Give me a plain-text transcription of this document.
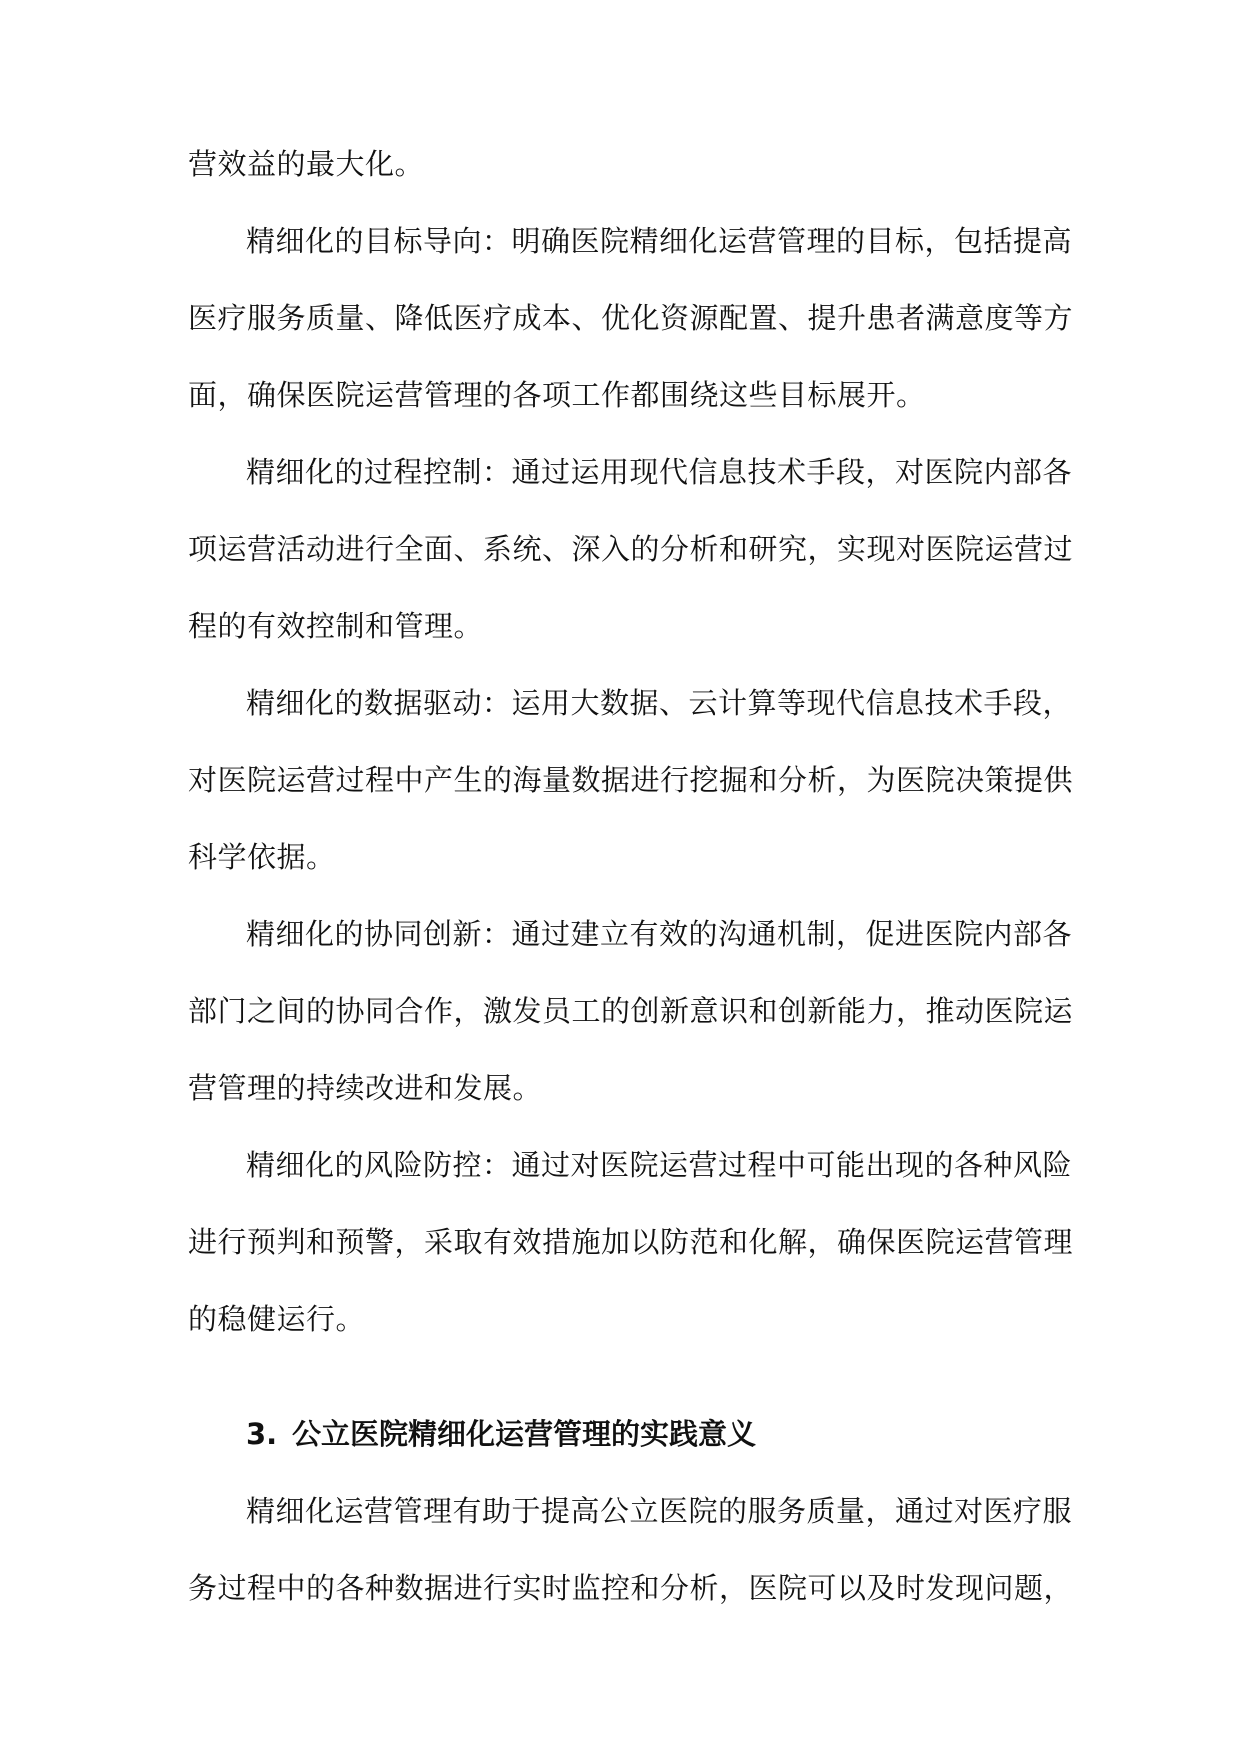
营效益的最大化。
精细化的目标导向：明确医院精细化运营管理的目标，包括提高
医疗服务质量、降低医疗成本、优化资源配置、提升患者满意度等方
面，确保医院运营管理的各项工作都围绕这些目标展开。
精细化的过程控制：通过运用现代信息技术手段，对医院内部各
项运营活动进行全面、系统、深入的分析和研究，实现对医院运营过
程的有效控制和管理。
精细化的数据驱动：运用大数据、云计算等现代信息技术手段，
对医院运营过程中产生的海量数据进行挖掘和分析，为医院决策提供
科学依据。
精细化的协同创新：通过建立有效的沟通机制，促进医院内部各
部门之间的协同合作，激发员工的创新意识和创新能力，推动医院运
营管理的持续改进和发展。
精细化的风险防控：通过对医院运营过程中可能出现的各种风险
进行预判和预警，采取有效措施加以防范和化解，确保医院运营管理
的稳健运行。
3. 公立医院精细化运营管理的实践意义
精细化运营管理有助于提高公立医院的服务质量，通过对医疗服
务过程中的各种数据进行实时监控和分析，医院可以及时发现问题，
